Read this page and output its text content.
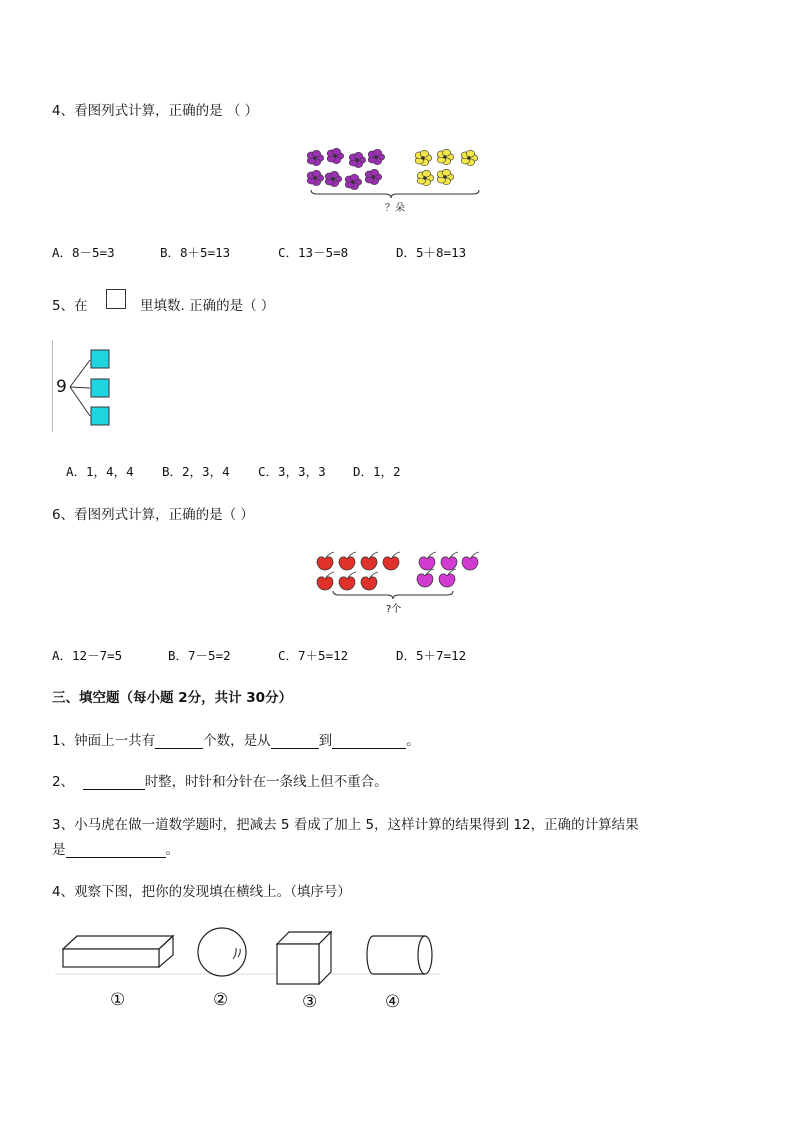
4、看图列式计算，正确的是 （ ）
？朵
A．8－5=3	B．8＋5=13	C．13－5=8	D．5＋8=13
5、在	里填数. 正确的是（ ）
9
A．1，4，4 B．2，3，4 C．3，3，3 D．1，2
6、看图列式计算，正确的是（ ）
?个
A．12－7=5	B．7－5=2	C．7＋5=12	D．5＋7=12
三、填空题（每小题 2分，共计 30分）
1、钟面上一共有	个数，是从	到	。
2、	时整，时针和分针在一条线上但不重合。
3、小马虎在做一道数学题时，把减去 5 看成了加上 5，这样计算的结果得到 12，正确的计算结果
是	。
4、观察下图，把你的发现填在横线上。（填序号）
①	②	③	④
